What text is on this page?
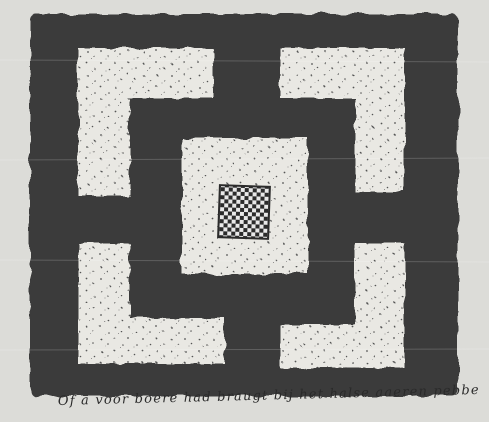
Of a voor boere had braugt bij het halse aaeren pebbe
